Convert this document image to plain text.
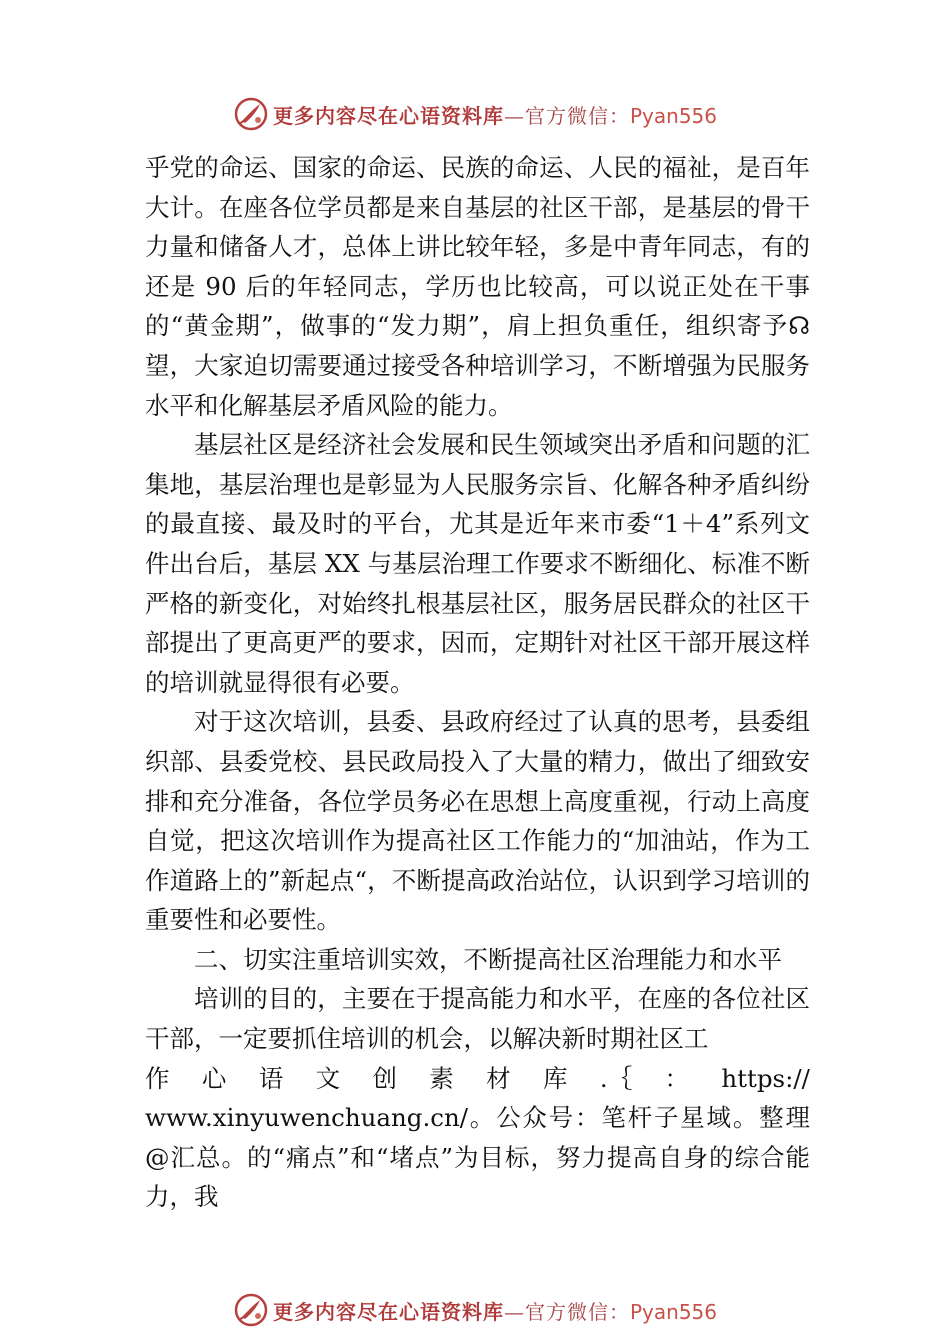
更多内容尽在心语资料库—官方微信：Pyan556

乎党的命运、国家的命运、民族的命运、人民的福祉，是百年大计。在座各位学员都是来自基层的社区干部，是基层的骨干力量和储备人才，总体上讲比较年轻，多是中青年同志，有的还是 90 后的年轻同志，学历也比较高，可以说正处在干事的“黄金期”，做事的“发力期”，肩上担负重任，组织寄予☊望，大家迫切需要通过接受各种培训学习，不断增强为民服务水平和化解基层矛盾风险的能力。

基层社区是经济社会发展和民生领域突出矛盾和问题的汇集地，基层治理也是彰显为人民服务宗旨、化解各种矛盾纠纷的最直接、最及时的平台，尤其是近年来市委“1＋4”系列文件出台后，基层 XX 与基层治理工作要求不断细化、标准不断严格的新变化，对始终扎根基层社区，服务居民群众的社区干部提出了更高更严的要求，因而，定期针对社区干部开展这样的培训就显得很有必要。

对于这次培训，县委、县政府经过了认真的思考，县委组织部、县委党校、县民政局投入了大量的精力，做出了细致安排和充分准备，各位学员务必在思想上高度重视，行动上高度自觉，把这次培训作为提高社区工作能力的“加油站，作为工作道路上的”新起点“，不断提高政治站位，认识到学习培训的重要性和必要性。

二、切实注重培训实效，不断提高社区治理能力和水平

培训的目的，主要在于提高能力和水平，在座的各位社区干部，一定要抓住培训的机会，以解决新时期社区工

作 心 语 文 创 素 材 库 .｛ ： https://

www.xinyuwenchuang.cn/。公众号：笔杆子星域。整理@汇总。的“痛点”和“堵点”为目标，努力提高自身的综合能力，我

更多内容尽在心语资料库—官方微信：Pyan556
